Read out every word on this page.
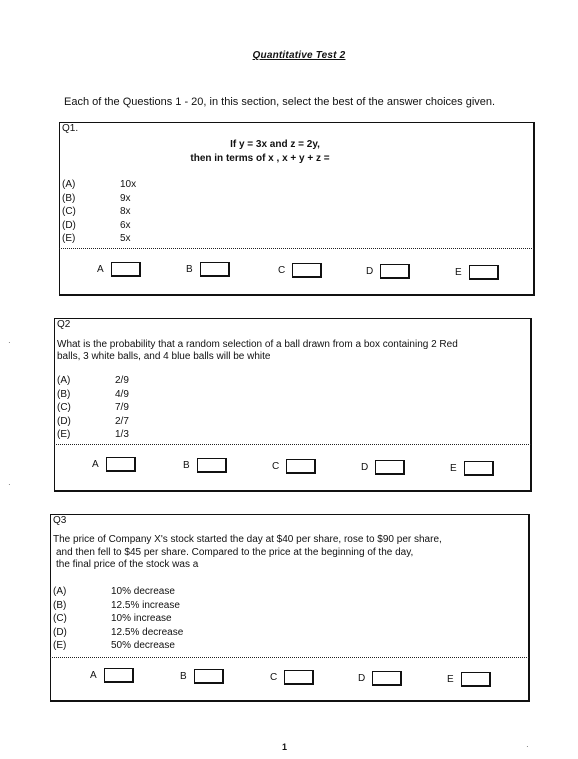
Quantitative Test 2
Each of the Questions 1 - 20, in this section, select the best of the answer choices given.
Q1.
If y = 3x and z = 2y,
then in terms of x , x + y + z =
(A)	10x
(B)	9x
(C)	8x
(D)	6x
(E)	5x
A	B	C	D	E
Q2
What is the probability that a random selection of a ball drawn from a box containing 2 Red
balls, 3 white balls, and 4 blue balls will be white
(A)	2/9
(B)	4/9
(C)	7/9
(D)	2/7
(E)	1/3
A	B	C	D	E
Q3
The price of Company X's stock started the day at $40 per share, rose to $90 per share,
and then fell to $45 per share. Compared to the price at the beginning of the day,
the final price of the stock was a
(A)	10% decrease
(B)	12.5% increase
(C)	10% increase
(D)	12.5% decrease
(E)	50% decrease
A	B	C	D	E
·
·
·
1
